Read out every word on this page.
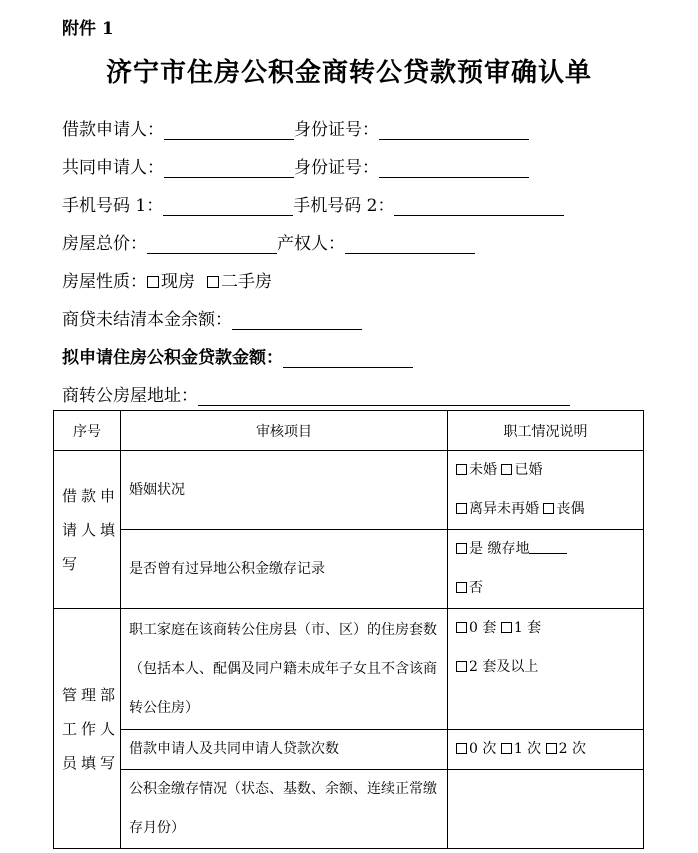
附件 1
济宁市住房公积金商转公贷款预审确认单
借款申请人：	身份证号：
共同申请人：	身份证号：
手机号码 1：	手机号码 2：
房屋总价：	产权人：
房屋性质： 现房 二手房
商贷未结清本金余额：
拟申请住房公积金贷款金额：
商转公房屋地址：
序号	审核项目	职工情况说明
借款申请人填写	婚姻状况	未婚 已婚
离异未再婚 丧偶

	是否曾有过异地公积金缴存记录	是 缴存地
否

管理部工作人员填写	职工家庭在该商转公住房县（市、区）的住房套数（包括本人、配偶及同户籍未成年子女且不含该商转公住房）	0 套 1 套
2 套及以上

	借款申请人及共同申请人贷款次数	0 次 1 次 2 次

	公积金缴存情况（状态、基数、余额、连续正常缴存月份）	
